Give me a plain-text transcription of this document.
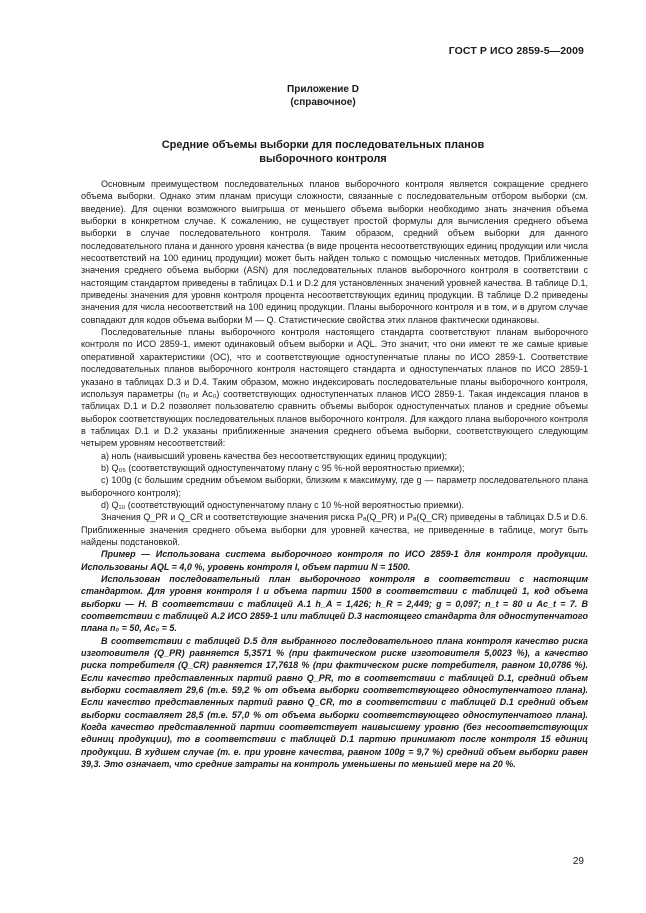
ГОСТ Р ИСО 2859-5—2009
Приложение D
(справочное)
Средние объемы выборки для последовательных планов
выборочного контроля

Основным преимуществом последовательных планов выборочного контроля является сокращение среднего объема выборки. Однако этим планам присущи сложности, связанные с последовательным отбором выборки (см. введение). Для оценки возможного выигрыша от меньшего объема выборки необходимо знать значения объема выборки в конкретном случае. К сожалению, не существует простой формулы для вычисления среднего объема выборки в случае последовательного контроля. Таким образом, средний объем выборки для данного последовательного плана и данного уровня качества (в виде процента несоответствующих единиц продукции или числа несоответствий на 100 единиц продукции) может быть найден только с помощью численных методов. Приближенные значения среднего объема выборки (ASN) для последовательных планов выборочного контроля в соответствии с настоящим стандартом приведены в таблицах D.1 и D.2 для установленных значений уровней качества. В таблице D.1, приведены значения для уровня контроля процента несоответствующих единиц продукции. В таблице D.2 приведены значения для числа несоответствий на 100 единиц продукции. Планы выборочного контроля и в том, и в другом случае совпадают для кодов объема выборки M — Q. Статистические свойства этих планов фактически одинаковы.

Последовательные планы выборочного контроля настоящего стандарта соответствуют планам выборочного контроля по ИСО 2859-1, имеют одинаковый объем выборки и AQL. Это значит, что они имеют те же самые кривые оперативной характеристики (ОС), что и соответствующие одноступенчатые планы по ИСО 2859-1. Соответствие последовательных планов выборочного контроля настоящего стандарта и одноступенчатых планов по ИСО 2859-1 указано в таблицах D.3 и D.4. Таким образом, можно индексировать последовательные планы выборочного контроля, используя параметры (n₀ и Ac₀) соответствующих одноступенчатых планов ИСО 2859-1. Такая индексация планов в таблицах D.1 и D.2 позволяет пользователю сравнить объемы выборок одноступенчатых планов и средние объемы выборок соответствующих последовательных планов выборочного контроля. Для каждого плана выборочного контроля в таблицах D.1 и D.2 указаны приближенные значения среднего объема выборки, соответствующего следующим четырем уровням несоответствий:

a) ноль (наивысший уровень качества без несоответствующих единиц продукции);

b) Q₀₅ (соответствующий одноступенчатому плану с 95 %-ной вероятностью приемки);

c) 100g (с большим средним объемом выборки, близким к максимуму, где g — параметр последовательного плана выборочного контроля);

d) Q₁₀ (соответствующий одноступенчатому плану с 10 %-ной вероятностью приемки).

Значения Q_PR и Q_CR и соответствующие значения риска Pₐ(Q_PR) и Pₐ(Q_CR) приведены в таблицах D.5 и D.6. Приближенные значения среднего объема выборки для уровней качества, не приведенные в таблице, могут быть найдены подстановкой.

Пример — Использована система выборочного контроля по ИСО 2859-1 для контроля продукции. Использованы AQL = 4,0 %, уровень контроля I, объем партии N = 1500.

Использован последовательный план выборочного контроля в соответствии с настоящим стандартом. Для уровня контроля I и объема партии 1500 в соответствии с таблицей 1, код объема выборки — H. В соответствии с таблицей А.1 h_A = 1,426; h_R = 2,449; g = 0,097; n_t = 80 и Ac_t = 7. В соответствии с таблицей А.2 ИСО 2859-1 или таблицей D.3 настоящего стандарта для одноступенчатого плана n₀ = 50, Ac₀ = 5.

В соответствии с таблицей D.5 для выбранного последовательного плана контроля качество риска изготовителя (Q_PR) равняется 5,3571 % (при фактическом риске изготовителя 5,0023 %), а качество риска потребителя (Q_CR) равняется 17,7618 % (при фактическом риске потребителя, равном 10,0786 %). Если качество представленных партий равно Q_PR, то в соответствии с таблицей D.1, средний объем выборки составляет 29,6 (т.е. 59,2 % от объема выборки соответствующего одноступенчатого плана). Если качество представленных партий равно Q_CR, то в соответствии с таблицей D.1 средний объем выборки составляет 28,5 (т.е. 57,0 % от объема выборки соответствующего одноступенчатого плана). Когда качество представленной партии соответствует наивысшему уровню (без несоответствующих единиц продукции), то в соответствии с таблицей D.1 партию принимают после контроля 15 единиц продукции. В худшем случае (т. е. при уровне качества, равном 100g = 9,7 %) средний объем выборки равен 39,3. Это означает, что средние затраты на контроль уменьшены по меньшей мере на 20 %.

29
